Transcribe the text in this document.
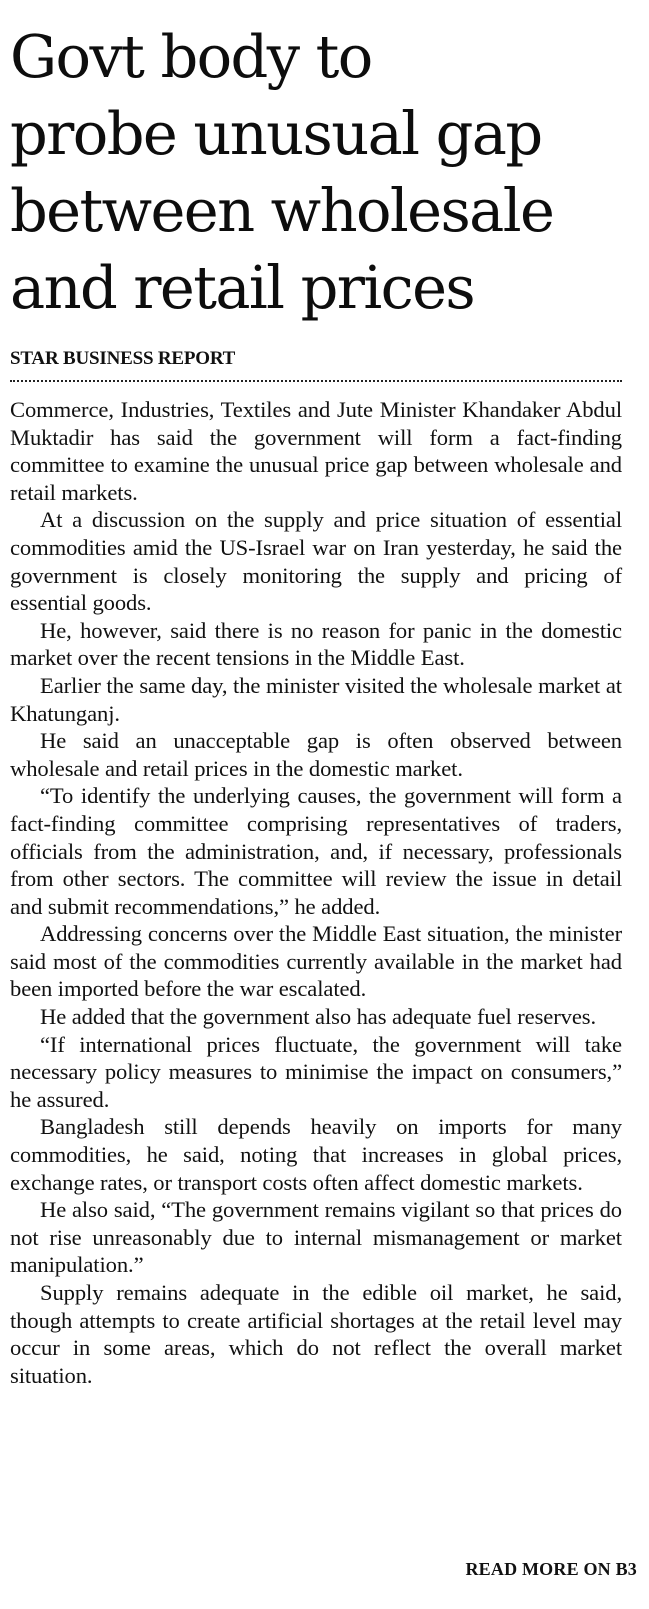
Govt body to
probe unusual gap
between wholesale
and retail prices
STAR BUSINESS REPORT

Commerce, Industries, Textiles and Jute Minister Khandaker Abdul Muktadir has said the government will form a fact-finding committee to examine the unusual price gap between wholesale and retail markets.

At a discussion on the supply and price situation of essential commodities amid the US-Israel war on Iran yesterday, he said the government is closely monitoring the supply and pricing of essential goods.

He, however, said there is no reason for panic in the domestic market over the recent tensions in the Middle East.

Earlier the same day, the minister visited the wholesale market at Khatunganj.

He said an unacceptable gap is often observed between wholesale and retail prices in the domestic market.

“To identify the underlying causes, the government will form a fact-finding committee comprising representatives of traders, officials from the administration, and, if necessary, professionals from other sectors. The committee will review the issue in detail and submit recommendations,” he added.

Addressing concerns over the Middle East situation, the minister said most of the commodities currently available in the market had been imported before the war escalated.

He added that the government also has adequate fuel reserves.

“If international prices fluctuate, the government will take necessary policy measures to minimise the impact on consumers,” he assured.

Bangladesh still depends heavily on imports for many commodities, he said, noting that increases in global prices, exchange rates, or transport costs often affect domestic markets.

He also said, “The government remains vigilant so that prices do not rise unreasonably due to internal mismanagement or market manipulation.”

Supply remains adequate in the edible oil market, he said, though attempts to create artificial shortages at the retail level may occur in some areas, which do not reflect the overall market situation.

READ MORE ON B3
